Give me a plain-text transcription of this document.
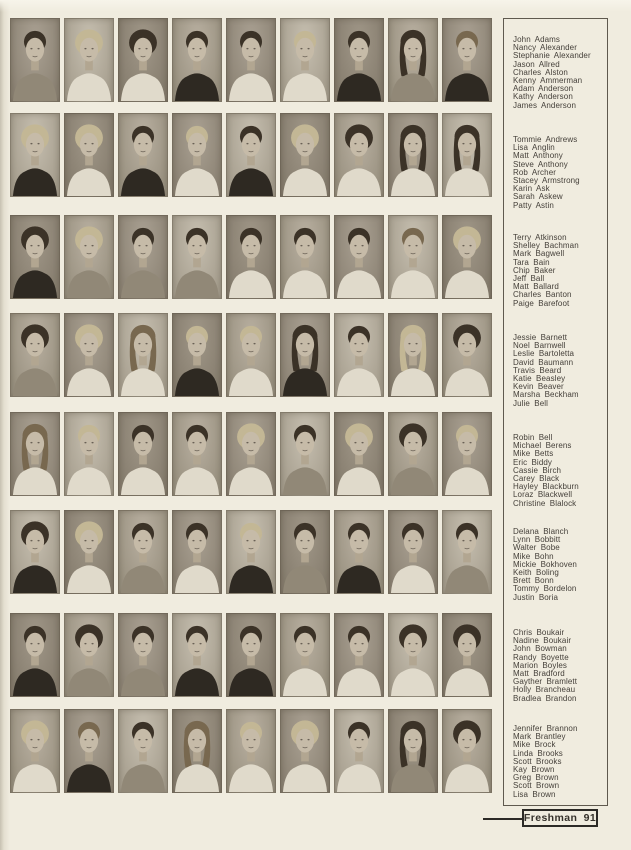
John Adams
Nancy Alexander
Stephanie Alexander
Jason Allred
Charles Alston
Kenny Ammerman
Adam Anderson
Kathy Anderson
James Anderson
Tommie Andrews
Lisa Anglin
Matt Anthony
Steve Anthony
Rob Archer
Stacey Armstrong
Karin Ask
Sarah Askew
Patty Astin
Terry Atkinson
Shelley Bachman
Mark Bagwell
Tara Bain
Chip Baker
Jeff Ball
Matt Ballard
Charles Banton
Paige Barefoot
Jessie Barnett
Noel Barnwell
Leslie Bartoletta
David Baumann
Travis Beard
Katie Beasley
Kevin Beaver
Marsha Beckham
Julie Bell
Robin Bell
Michael Berens
Mike Betts
Eric Biddy
Cassie Birch
Carey Black
Hayley Blackburn
Loraz Blackwell
Christine Blalock
Delana Blanch
Lynn Bobbitt
Walter Bobe
Mike Bohn
Mickie Bokhoven
Keith Boling
Brett Bonn
Tommy Bordelon
Justin Boria
Chris Boukair
Nadine Boukair
John Bowman
Randy Boyette
Marion Boyles
Matt Bradford
Gayther Bramlett
Holly Brancheau
Bradlea Brandon
Jennifer Brannon
Mark Brantley
Mike Brock
Linda Brooks
Scott Brooks
Kay Brown
Greg Brown
Scott Brown
Lisa Brown
Freshman 91
